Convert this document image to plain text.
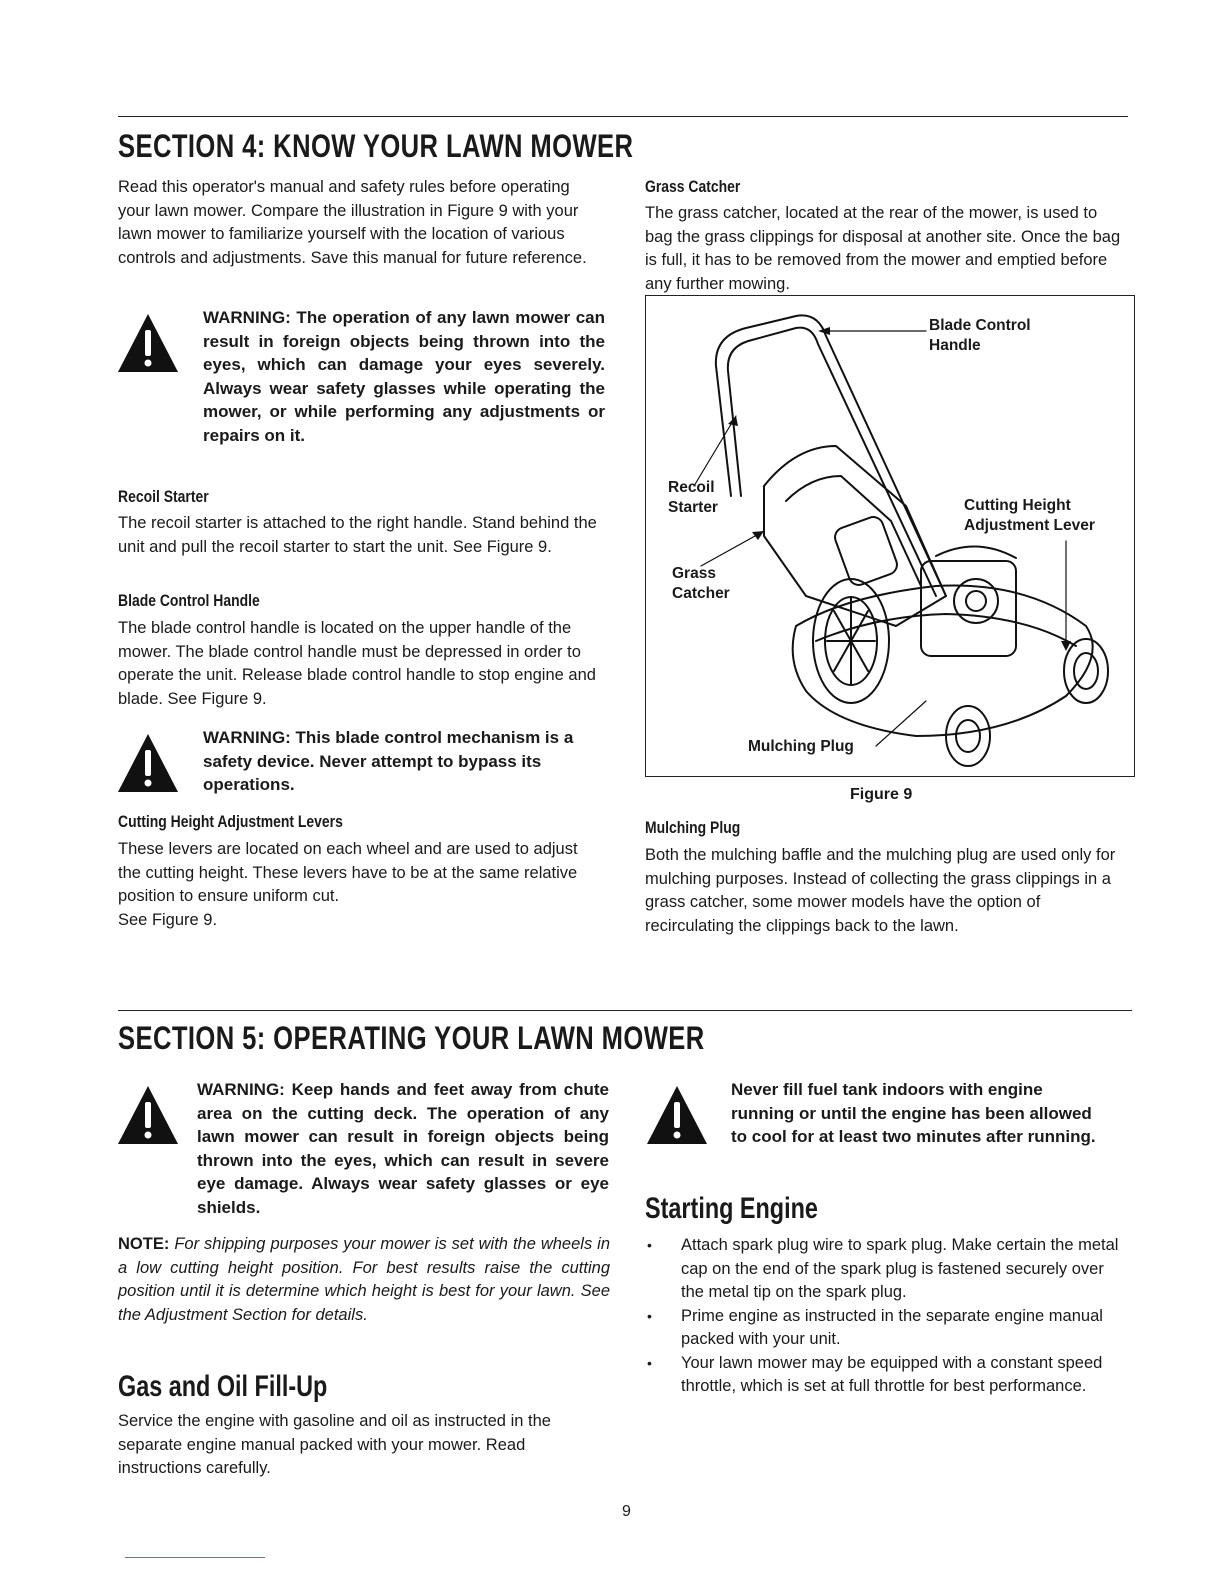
SECTION 4: KNOW YOUR LAWN MOWER

Read this operator's manual and safety rules before operating your lawn mower. Compare the illustration in Figure 9 with your lawn mower to familiarize yourself with the location of various controls and adjustments. Save this manual for future reference.

WARNING: The operation of any lawn mower can result in foreign objects being thrown into the eyes, which can damage your eyes severely. Always wear safety glasses while operating the mower, or while performing any adjustments or repairs on it.

Recoil Starter

The recoil starter is attached to the right handle. Stand behind the unit and pull the recoil starter to start the unit. See Figure 9.

Blade Control Handle

The blade control handle is located on the upper handle of the mower. The blade control handle must be depressed in order to operate the unit. Release blade control handle to stop engine and blade. See Figure 9.

WARNING: This blade control mechanism is a safety device. Never attempt to bypass its operations.

Cutting Height Adjustment Levers

These levers are located on each wheel and are used to adjust the cutting height. These levers have to be at the same relative position to ensure uniform cut.

See Figure 9.

Grass Catcher

The grass catcher, located at the rear of the mower, is used to bag the grass clippings for disposal at another site. Once the bag is full, it has to be removed from the mower and emptied before any further mowing.

Blade Control
Handle
Recoil
Starter	Cutting Height
Adjustment Lever
Grass
Catcher
Mulching Plug
Figure 9
Mulching Plug

Both the mulching baffle and the mulching plug are used only for mulching purposes. Instead of collecting the grass clippings in a grass catcher, some mower models have the option of recirculating the clippings back to the lawn.

SECTION 5: OPERATING YOUR LAWN MOWER

WARNING: Keep hands and feet away from chute area on the cutting deck. The operation of any lawn mower can result in foreign objects being thrown into the eyes, which can result in severe eye damage. Always wear safety glasses or eye shields.

NOTE: For shipping purposes your mower is set with the wheels in a low cutting height position. For best results raise the cutting position until it is determine which height is best for your lawn. See the Adjustment Section for details.

Gas and Oil Fill-Up

Service the engine with gasoline and oil as instructed in the separate engine manual packed with your mower. Read instructions carefully.

Never fill fuel tank indoors with engine running or until the engine has been allowed to cool for at least two minutes after running.

Starting Engine
• Attach spark plug wire to spark plug. Make certain the metal cap on the end of the spark plug is fastened securely over the metal tip on the spark plug.
• Prime engine as instructed in the separate engine manual packed with your unit.
• Your lawn mower may be equipped with a constant speed throttle, which is set at full throttle for best performance.
9
